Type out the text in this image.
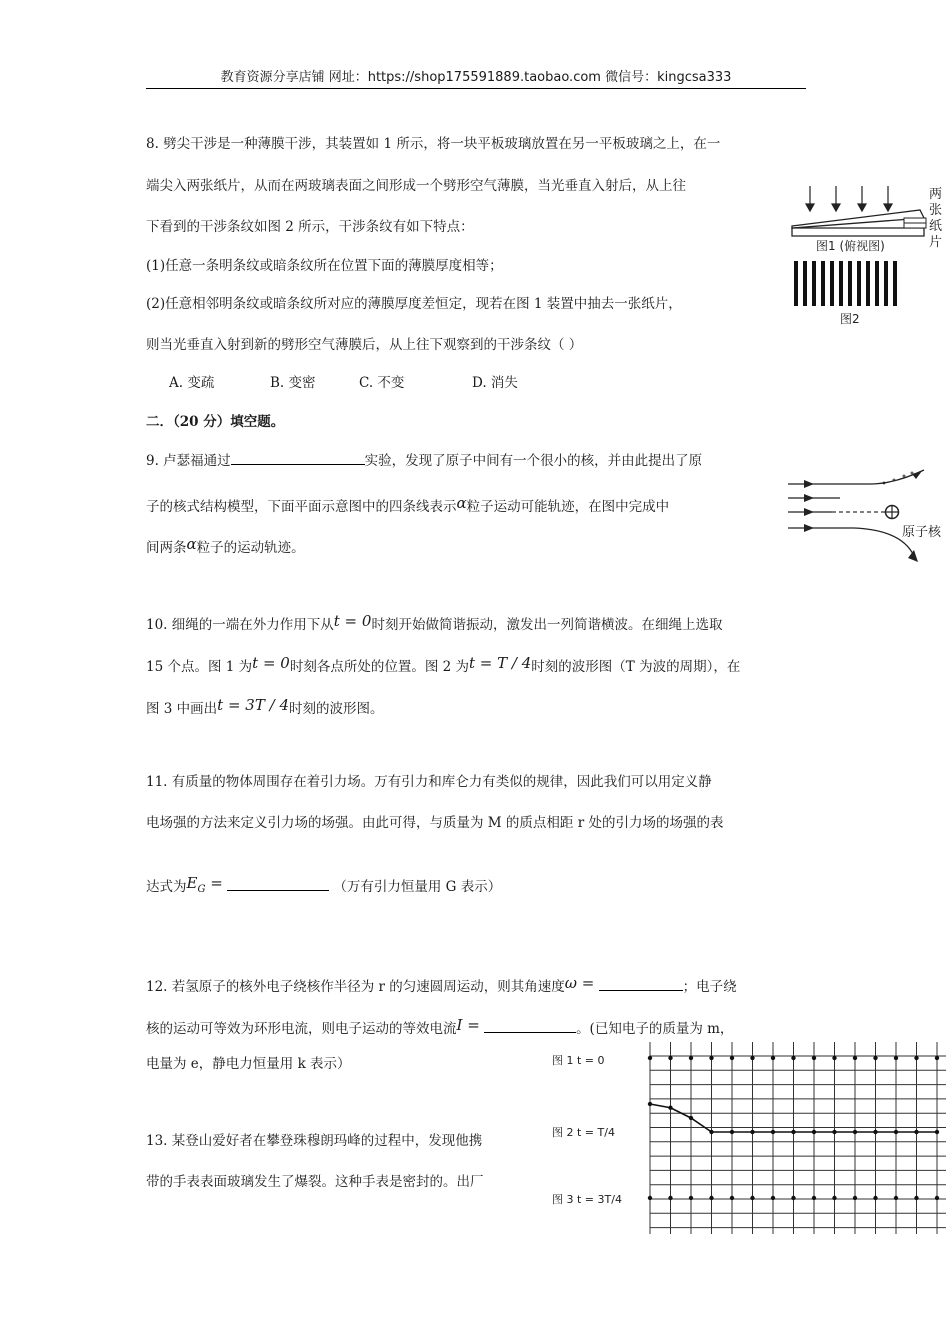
教育资源分享店铺 网址：https://shop175591889.taobao.com 微信号：kingcsa333
8. 劈尖干涉是一种薄膜干涉，其装置如 1 所示，将一块平板玻璃放置在另一平板玻璃之上，在一
端尖入两张纸片，从而在两玻璃表面之间形成一个劈形空气薄膜，当光垂直入射后，从上往
下看到的干涉条纹如图 2 所示，干涉条纹有如下特点：
(1)任意一条明条纹或暗条纹所在位置下面的薄膜厚度相等；
(2)任意相邻明条纹或暗条纹所对应的薄膜厚度差恒定，现若在图 1 装置中抽去一张纸片，
则当光垂直入射到新的劈形空气薄膜后，从上往下观察到的干涉条纹（ ）
A. 变疏	B. 变密	C. 不变	D. 消失
图1 (俯视图)
两
张
纸
片
图2
二．（20 分）填空题。
9. 卢瑟福通过	实验，发现了原子中间有一个很小的核，并由此提出了原
子的核式结构模型，下面平面示意图中的四条线表示α粒子运动可能轨迹，在图中完成中
间两条α粒子的运动轨迹。
原子核
10. 细绳的一端在外力作用下从t = 0时刻开始做简谐振动，激发出一列简谐横波。在细绳上选取
15 个点。图 1 为t = 0时刻各点所处的位置。图 2 为t = T / 4时刻的波形图（T 为波的周期），在
图 3 中画出t = 3T / 4时刻的波形图。
11. 有质量的物体周围存在着引力场。万有引力和库仑力有类似的规律，因此我们可以用定义静
电场强的方法来定义引力场的场强。由此可得，与质量为 M 的质点相距 r 处的引力场的场强的表
达式为$E_G$ =	（万有引力恒量用 G 表示）
12. 若氢原子的核外电子绕核作半径为 r 的匀速圆周运动，则其角速度ω =	；电子绕
核的运动可等效为环形电流，则电子运动的等效电流I =	。(已知电子的质量为 m，
电量为 e，静电力恒量用 k 表示）
13. 某登山爱好者在攀登珠穆朗玛峰的过程中，发现他携
带的手表表面玻璃发生了爆裂。这种手表是密封的。出厂
图 1 t = 0
图 2 t = T/4
图 3 t = 3T/4
